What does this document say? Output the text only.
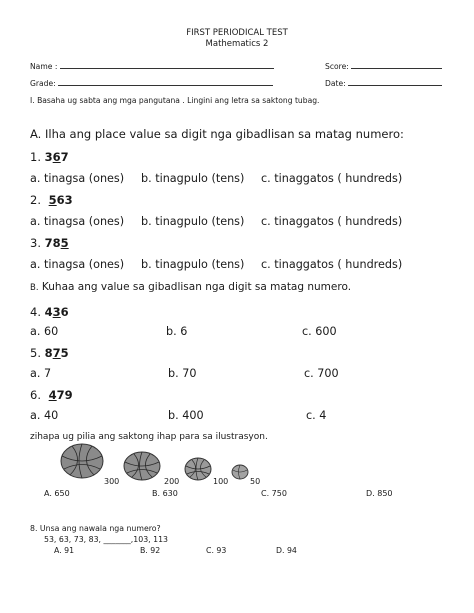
FIRST PERIODICAL TEST
Mathematics 2
Name :	Score:
Grade:	Date:
I. Basaha ug sabta ang mga pangutana . Lingini ang letra sa saktong tubag.
A. Ilha ang place value sa digit nga gibadlisan sa matag numero:
1. 367
a. tinagsa (ones) b. tinagpulo (tens) c. tinaggatos ( hundreds)
2. 563
a. tinagsa (ones) b. tinagpulo (tens) c. tinaggatos ( hundreds)
3. 785
a. tinagsa (ones) b. tinagpulo (tens) c. tinaggatos ( hundreds)
B. Kuhaa ang value sa gibadlisan nga digit sa matag numero.
4. 436
a. 60	b. 6	c. 600
5. 875
a. 7	b. 70	c. 700
6. 479
a. 40	b. 400	c. 4
zihapa ug pilia ang saktong ihap para sa ilustrasyon.
300	200	100	50
A. 650	B. 630	C. 750	D. 850
8. Unsa ang nawala nga numero?
53, 63, 73, 83, _______,103, 113
A. 91	B. 92	C. 93	D. 94
